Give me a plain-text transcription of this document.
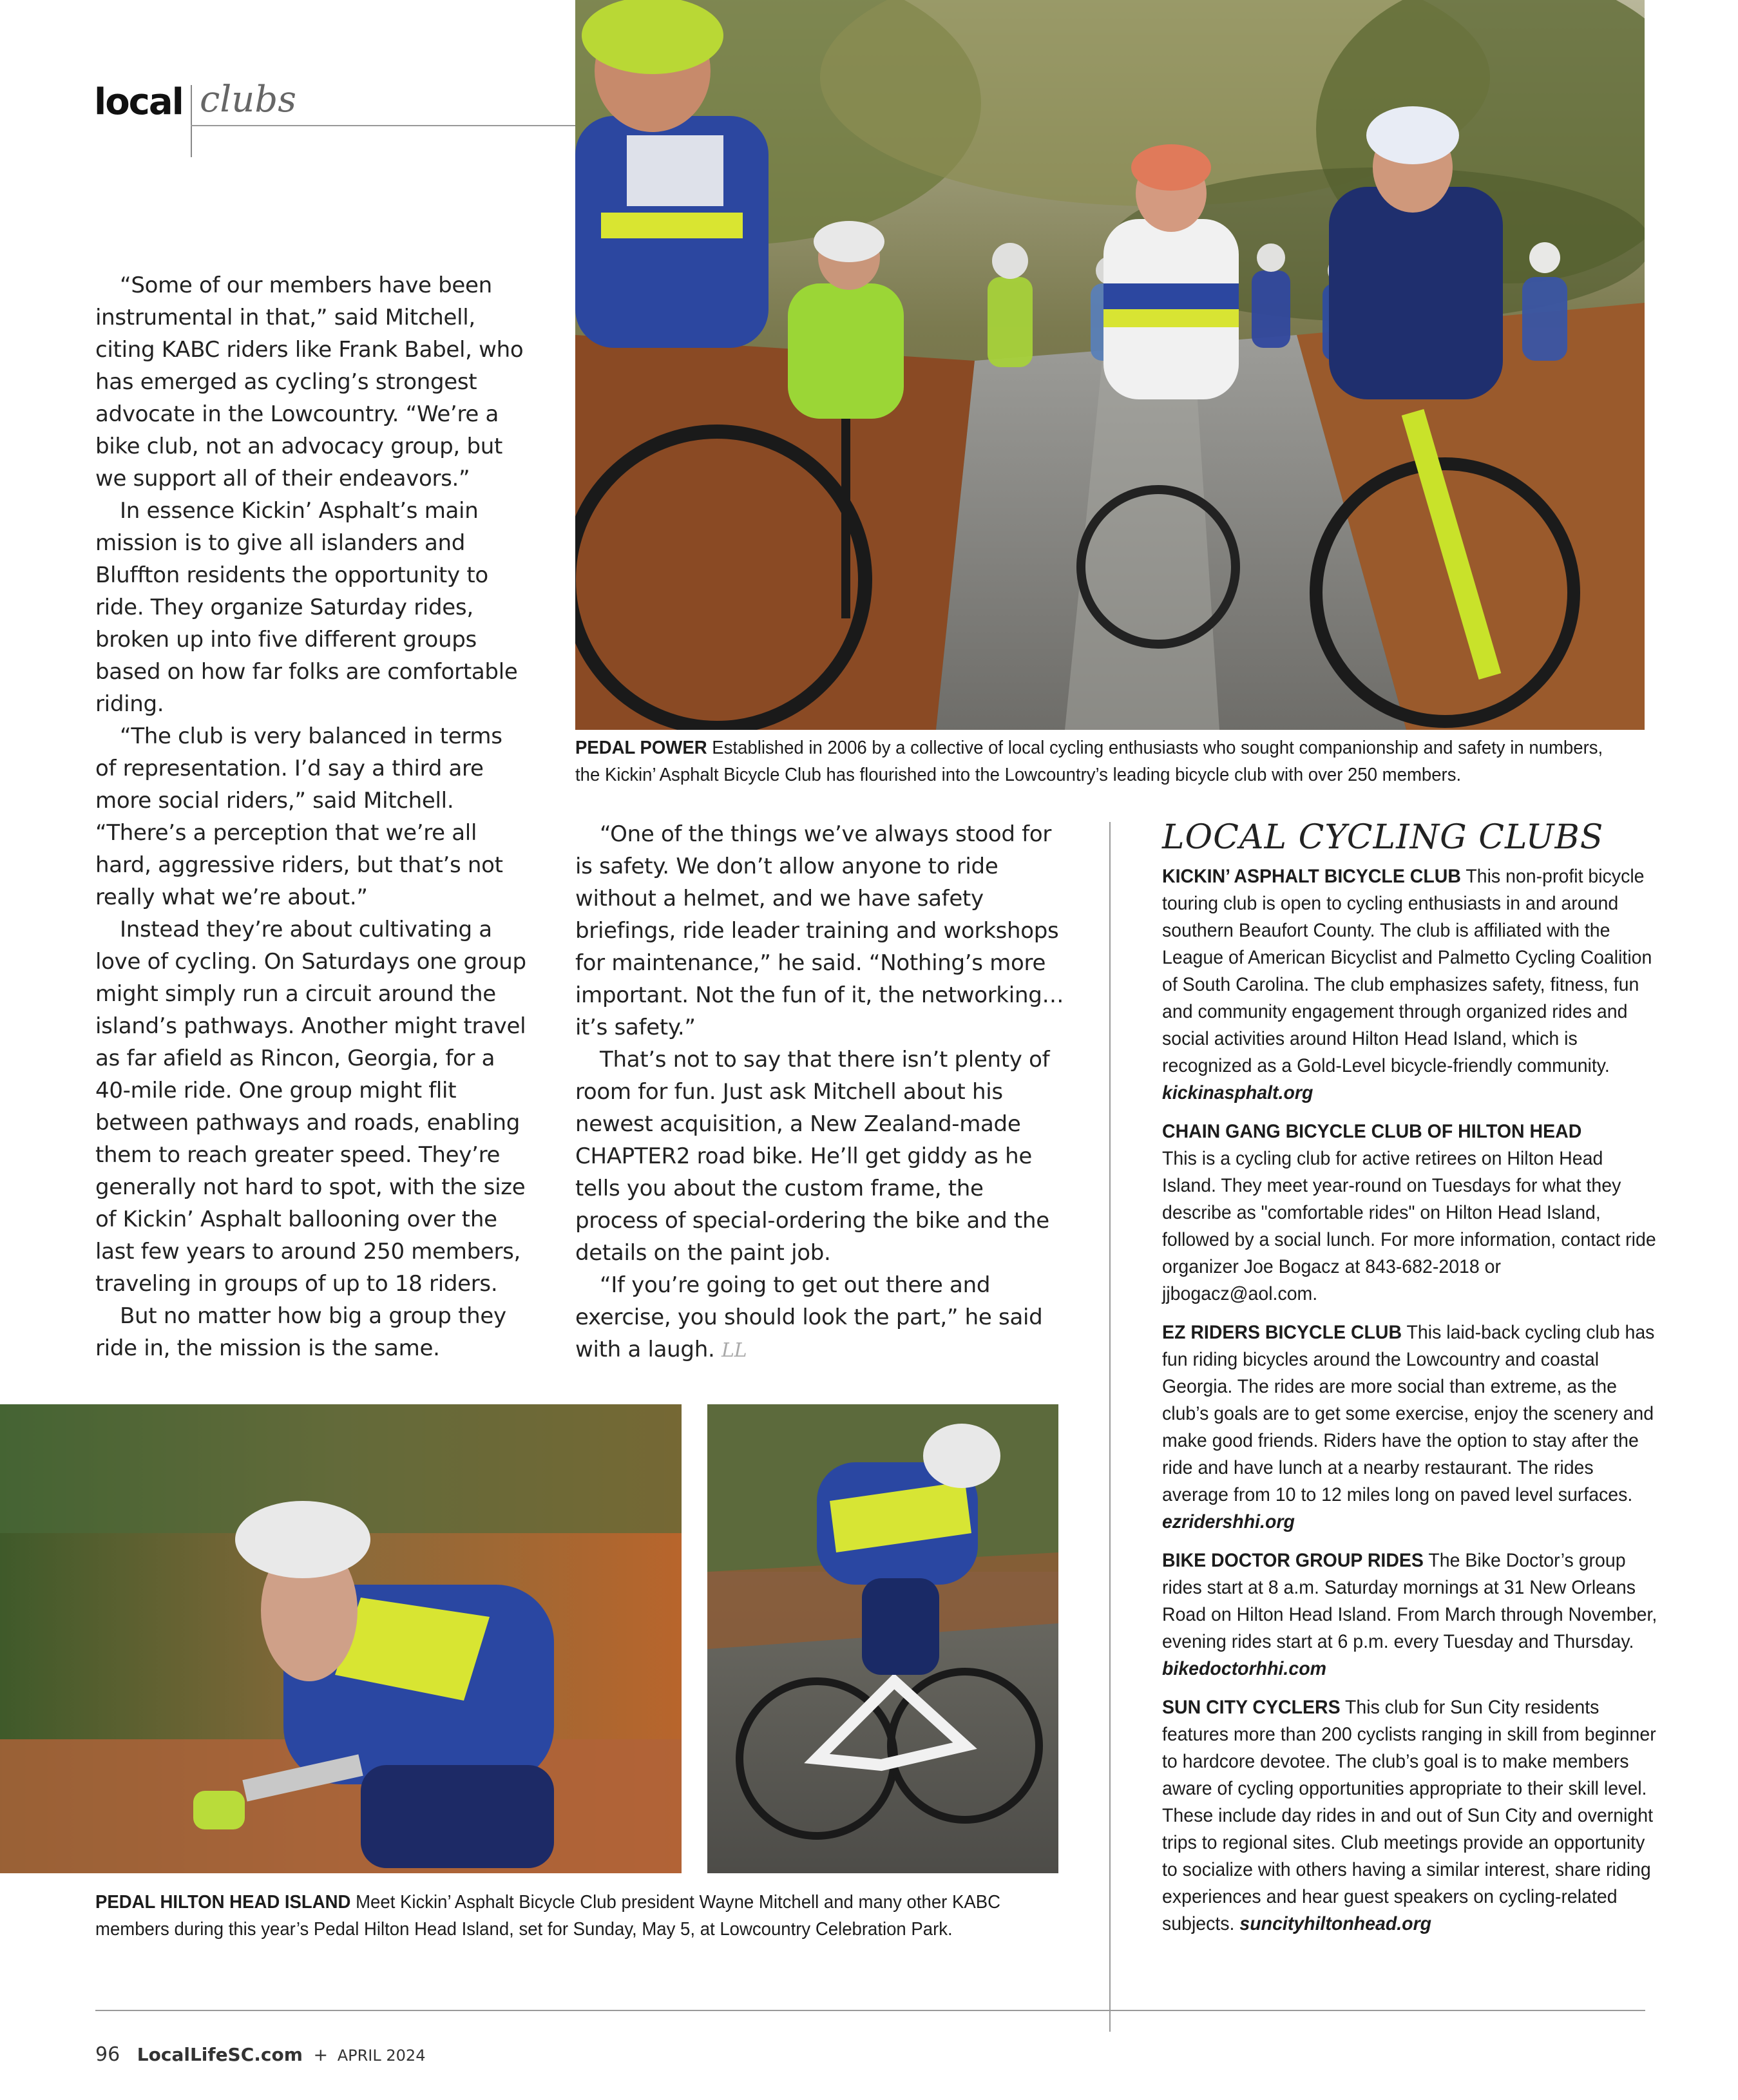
local clubs
PEDAL POWER Established in 2006 by a collective of local cycling enthusiasts who sought companionship and safety in numbers, the Kickin’ Asphalt Bicycle Club has flourished into the Lowcountry’s leading bicycle club with over 250 members.

“Some of our members have been instrumental in that,” said Mitchell, citing KABC riders like Frank Babel, who has emerged as cycling’s strongest advocate in the Lowcountry. “We’re a bike club, not an advocacy group, but we support all of their endeavors.”

In essence Kickin’ Asphalt’s main mission is to give all islanders and Bluffton residents the opportunity to ride. They organize Saturday rides, broken up into five different groups based on how far folks are comfortable riding.

“The club is very balanced in terms of representation. I’d say a third are more social riders,” said Mitchell. “There’s a perception that we’re all hard, aggressive riders, but that’s not really what we’re about.”

Instead they’re about cultivating a love of cycling. On Saturdays one group might simply run a circuit around the island’s pathways. Another might travel as far afield as Rincon, Georgia, for a 40-mile ride. One group might flit between pathways and roads, enabling them to reach greater speed. They’re generally not hard to spot, with the size of Kickin’ Asphalt ballooning over the last few years to around 250 members, traveling in groups of up to 18 riders.

But no matter how big a group they ride in, the mission is the same.

“One of the things we’ve always stood for is safety. We don’t allow anyone to ride without a helmet, and we have safety briefings, ride leader training and workshops for maintenance,” he said. “Nothing’s more important. Not the fun of it, the networking… it’s safety.”

That’s not to say that there isn’t plenty of room for fun. Just ask Mitchell about his newest acquisition, a New Zealand-made CHAPTER2 road bike. He’ll get giddy as he tells you about the custom frame, the process of special-ordering the bike and the details on the paint job.

“If you’re going to get out there and exercise, you should look the part,” he said with a laugh. LL

LOCAL CYCLING CLUBS

KICKIN’ ASPHALT BICYCLE CLUB This non-profit bicycle touring club is open to cycling enthusiasts in and around southern Beaufort County. The club is affiliated with the League of American Bicyclist and Palmetto Cycling Coalition of South Carolina. The club emphasizes safety, fitness, fun and community engagement through organized rides and social activities around Hilton Head Island, which is recognized as a Gold-Level bicycle-friendly community. kickinasphalt.org

CHAIN GANG BICYCLE CLUB OF HILTON HEAD
This is a cycling club for active retirees on Hilton Head Island. They meet year-round on Tuesdays for what they describe as "comfortable rides" on Hilton Head Island, followed by a social lunch. For more information, contact ride organizer Joe Bogacz at 843-682-2018 or jjbogacz@aol.com.

EZ RIDERS BICYCLE CLUB This laid-back cycling club has fun riding bicycles around the Lowcountry and coastal Georgia. The rides are more social than extreme, as the club’s goals are to get some exercise, enjoy the scenery and make good friends. Riders have the option to stay after the ride and have lunch at a nearby restaurant. The rides average from 10 to 12 miles long on paved level surfaces. ezridershhi.org

BIKE DOCTOR GROUP RIDES The Bike Doctor’s group rides start at 8 a.m. Saturday mornings at 31 New Orleans Road on Hilton Head Island. From March through November, evening rides start at 6 p.m. every Tuesday and Thursday. bikedoctorhhi.com

SUN CITY CYCLERS This club for Sun City residents features more than 200 cyclists ranging in skill from beginner to hardcore devotee. The club’s goal is to make members aware of cycling opportunities appropriate to their skill level. These include day rides in and out of Sun City and overnight trips to regional sites. Club meetings provide an opportunity to socialize with others having a similar interest, share riding experiences and hear guest speakers on cycling-related subjects. suncityhiltonhead.org

PEDAL HILTON HEAD ISLAND Meet Kickin’ Asphalt Bicycle Club president Wayne Mitchell and many other KABC members during this year’s Pedal Hilton Head Island, set for Sunday, May 5, at Lowcountry Celebration Park.
96 LocalLifeSC.com + APRIL 2024
